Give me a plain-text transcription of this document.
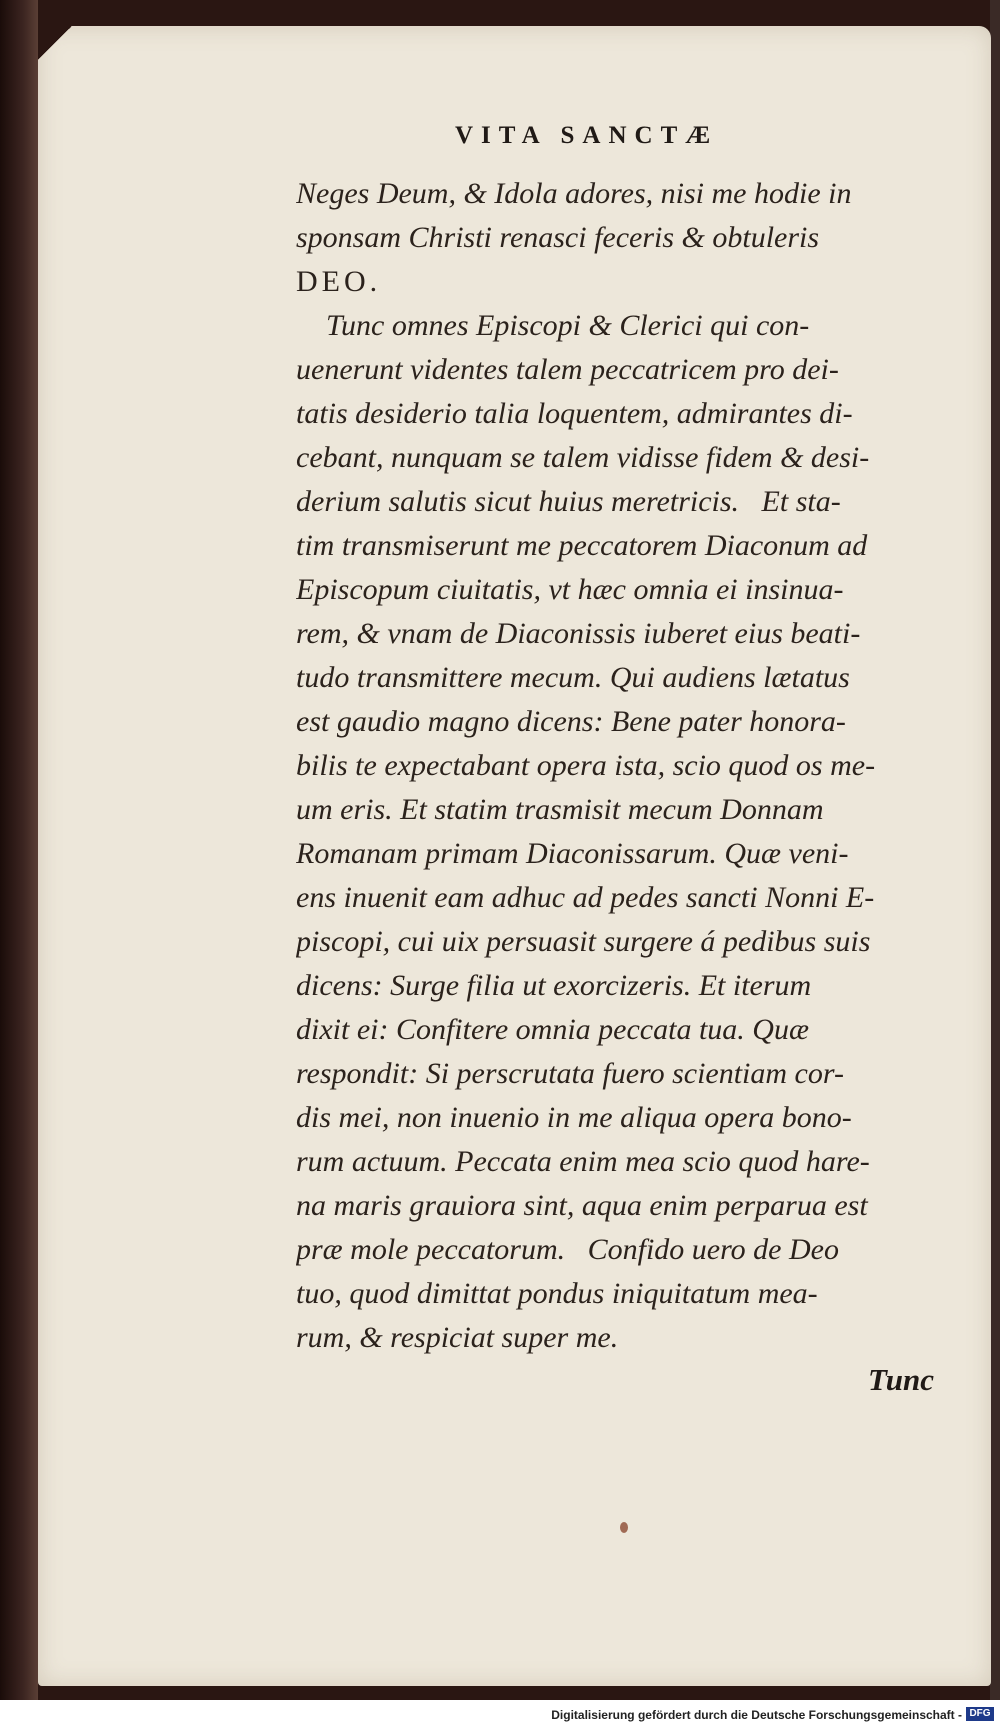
VITA SANCTÆ
Neges Deum, & Idola adores, nisi me hodie in
sponsam Christi renasci feceris & obtuleris
DEO.
Tunc omnes Episcopi & Clerici qui con-
uenerunt videntes talem peccatricem pro dei-
tatis desiderio talia loquentem, admirantes di-
cebant, nunquam se talem vidisse fidem & desi-
derium salutis sicut huius meretricis.   Et sta-
tim transmiserunt me peccatorem Diaconum ad
Episcopum ciuitatis, vt hæc omnia ei insinua-
rem, & vnam de Diaconissis iuberet eius beati-
tudo transmittere mecum. Qui audiens lætatus
est gaudio magno dicens: Bene pater honora-
bilis te expectabant opera ista, scio quod os me-
um eris. Et statim trasmisit mecum Donnam
Romanam primam Diaconissarum. Quæ veni-
ens inuenit eam adhuc ad pedes sancti Nonni E-
piscopi, cui uix persuasit surgere á pedibus suis
dicens: Surge filia ut exorcizeris. Et iterum
dixit ei: Confitere omnia peccata tua. Quæ
respondit: Si perscrutata fuero scientiam cor-
dis mei, non inuenio in me aliqua opera bono-
rum actuum. Peccata enim mea scio quod hare-
na maris grauiora sint, aqua enim perparua est
præ mole peccatorum.   Confido uero de Deo
tuo, quod dimittat pondus iniquitatum mea-
rum, & respiciat super me.
Tunc
Digitalisierung gefördert durch die Deutsche Forschungsgemeinschaft - DFG
